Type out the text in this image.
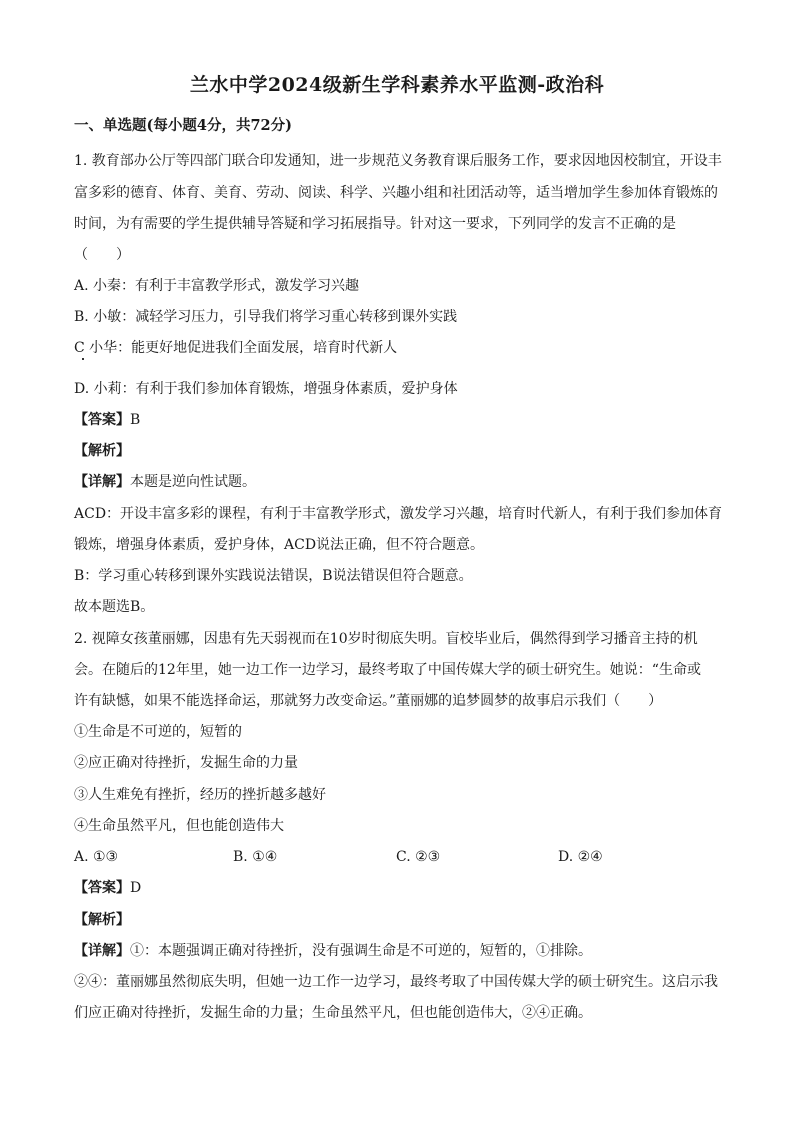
兰水中学2024级新生学科素养水平监测-政治科
一、单选题(每小题4分，共72分)
1. 教育部办公厅等四部门联合印发通知，进一步规范义务教育课后服务工作，要求因地因校制宜，开设丰
富多彩的德育、体育、美育、劳动、阅读、科学、兴趣小组和社团活动等，适当增加学生参加体育锻炼的
时间，为有需要的学生提供辅导答疑和学习拓展指导。针对这一要求，下列同学的发言不正确的是
（　　）
A. 小秦：有利于丰富教学形式，激发学习兴趣
B. 小敏：减轻学习压力，引导我们将学习重心转移到课外实践
C 小华：能更好地促进我们全面发展，培育时代新人
D. 小莉：有利于我们参加体育锻炼，增强身体素质，爱护身体
【答案】B
【解析】
【详解】本题是逆向性试题。
ACD：开设丰富多彩的课程，有利于丰富教学形式，激发学习兴趣，培育时代新人，有利于我们参加体育
锻炼，增强身体素质，爱护身体，ACD说法正确，但不符合题意。
B：学习重心转移到课外实践说法错误，B说法错误但符合题意。
故本题选B。
2. 视障女孩董丽娜，因患有先天弱视而在10岁时彻底失明。盲校毕业后，偶然得到学习播音主持的机
会。在随后的12年里，她一边工作一边学习，最终考取了中国传媒大学的硕士研究生。她说：“生命或
许有缺憾，如果不能选择命运，那就努力改变命运。”董丽娜的追梦圆梦的故事启示我们（　　）
①生命是不可逆的，短暂的
②应正确对待挫折，发掘生命的力量
③人生难免有挫折，经历的挫折越多越好
④生命虽然平凡，但也能创造伟大
A. ①③	B. ①④	C. ②③	D. ②④
【答案】D
【解析】
【详解】①：本题强调正确对待挫折，没有强调生命是不可逆的，短暂的，①排除。
②④：董丽娜虽然彻底失明，但她一边工作一边学习，最终考取了中国传媒大学的硕士研究生。这启示我
们应正确对待挫折，发掘生命的力量；生命虽然平凡，但也能创造伟大，②④正确。
